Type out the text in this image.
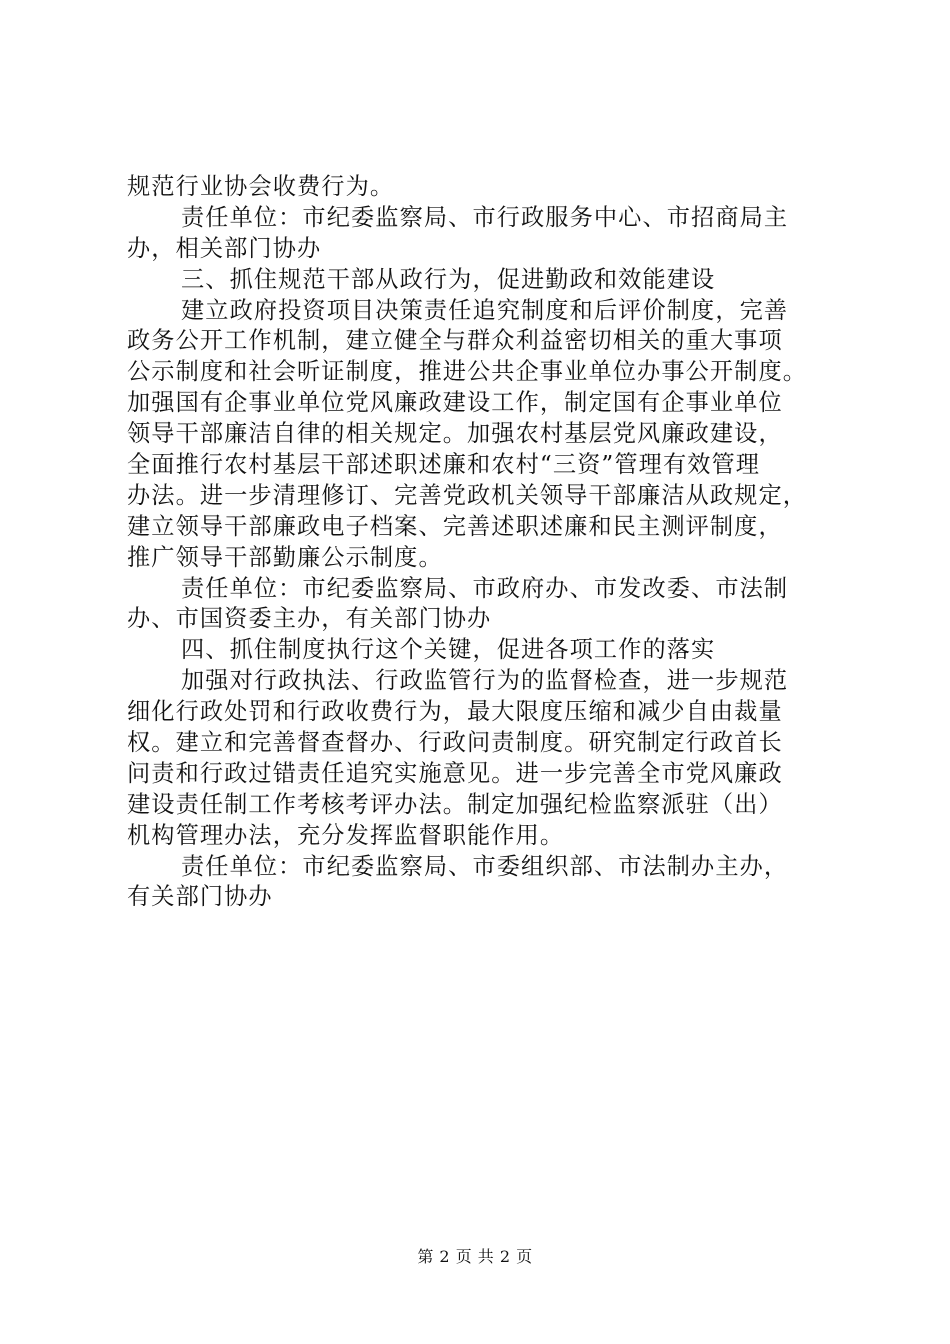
规范行业协会收费行为。
责任单位：市纪委监察局、市行政服务中心、市招商局主
办，相关部门协办
三、抓住规范干部从政行为，促进勤政和效能建设
建立政府投资项目决策责任追究制度和后评价制度，完善
政务公开工作机制，建立健全与群众利益密切相关的重大事项
公示制度和社会听证制度，推进公共企事业单位办事公开制度。
加强国有企事业单位党风廉政建设工作，制定国有企事业单位
领导干部廉洁自律的相关规定。加强农村基层党风廉政建设，
全面推行农村基层干部述职述廉和农村“三资”管理有效管理
办法。进一步清理修订、完善党政机关领导干部廉洁从政规定，
建立领导干部廉政电子档案、完善述职述廉和民主测评制度，
推广领导干部勤廉公示制度。
责任单位：市纪委监察局、市政府办、市发改委、市法制
办、市国资委主办，有关部门协办
四、抓住制度执行这个关键，促进各项工作的落实
加强对行政执法、行政监管行为的监督检查，进一步规范
细化行政处罚和行政收费行为，最大限度压缩和减少自由裁量
权。建立和完善督查督办、行政问责制度。研究制定行政首长
问责和行政过错责任追究实施意见。进一步完善全市党风廉政
建设责任制工作考核考评办法。制定加强纪检监察派驻（出）
机构管理办法，充分发挥监督职能作用。
责任单位：市纪委监察局、市委组织部、市法制办主办，
有关部门协办
第 2 页 共 2 页
